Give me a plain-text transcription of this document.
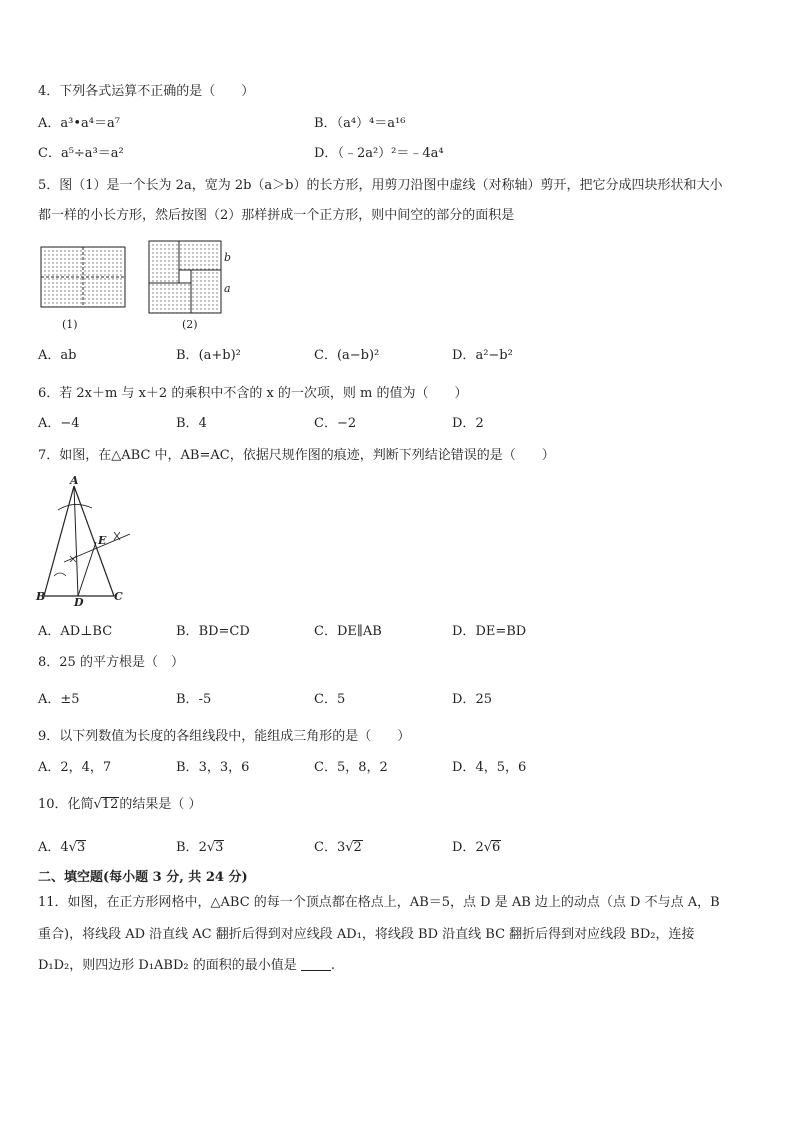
4．下列各式运算不正确的是（　　）
A．a³•a⁴＝a⁷	B．（a⁴）⁴＝a¹⁶
C．a⁵÷a³＝a²	D．（﹣2a²）²＝﹣4a⁴
5．图（1）是一个长为 2a，宽为 2b（a＞b）的长方形，用剪刀沿图中虚线（对称轴）剪开，把它分成四块形状和大小
都一样的小长方形，然后按图（2）那样拼成一个正方形，则中间空的部分的面积是
(1)
b
a
(2)
A．ab	B．(a+b)²	C．(a−b)²	D．a²−b²
6．若 2x＋m 与 x＋2 的乘积中不含的 x 的一次项，则 m 的值为（　　）
A．−4	B．4	C．−2	D．2
7．如图，在△ABC 中，AB=AC，依据尺规作图的痕迹，判断下列结论错误的是（　　）
A
E
B	D	C
A．AD⊥BC	B．BD=CD	C．DE∥AB	D．DE=BD
8．25 的平方根是（　）
A．±5	B．-5	C．5	D．25
9．以下列数值为长度的各组线段中，能组成三角形的是（　　）
A．2，4，7	B．3，3，6	C．5，8，2	D．4，5，6
10．化简√12的结果是（ ）
A．4√3	B．2√3	C．3√2	D．2√6
二、填空题(每小题 3 分, 共 24 分)
11．如图，在正方形网格中，△ABC 的每一个顶点都在格点上，AB＝5，点 D 是 AB 边上的动点（点 D 不与点 A，B
重合)，将线段 AD 沿直线 AC 翻折后得到对应线段 AD₁，将线段 BD 沿直线 BC 翻折后得到对应线段 BD₂，连接
D₁D₂，则四边形 D₁ABD₂ 的面积的最小值是	.
